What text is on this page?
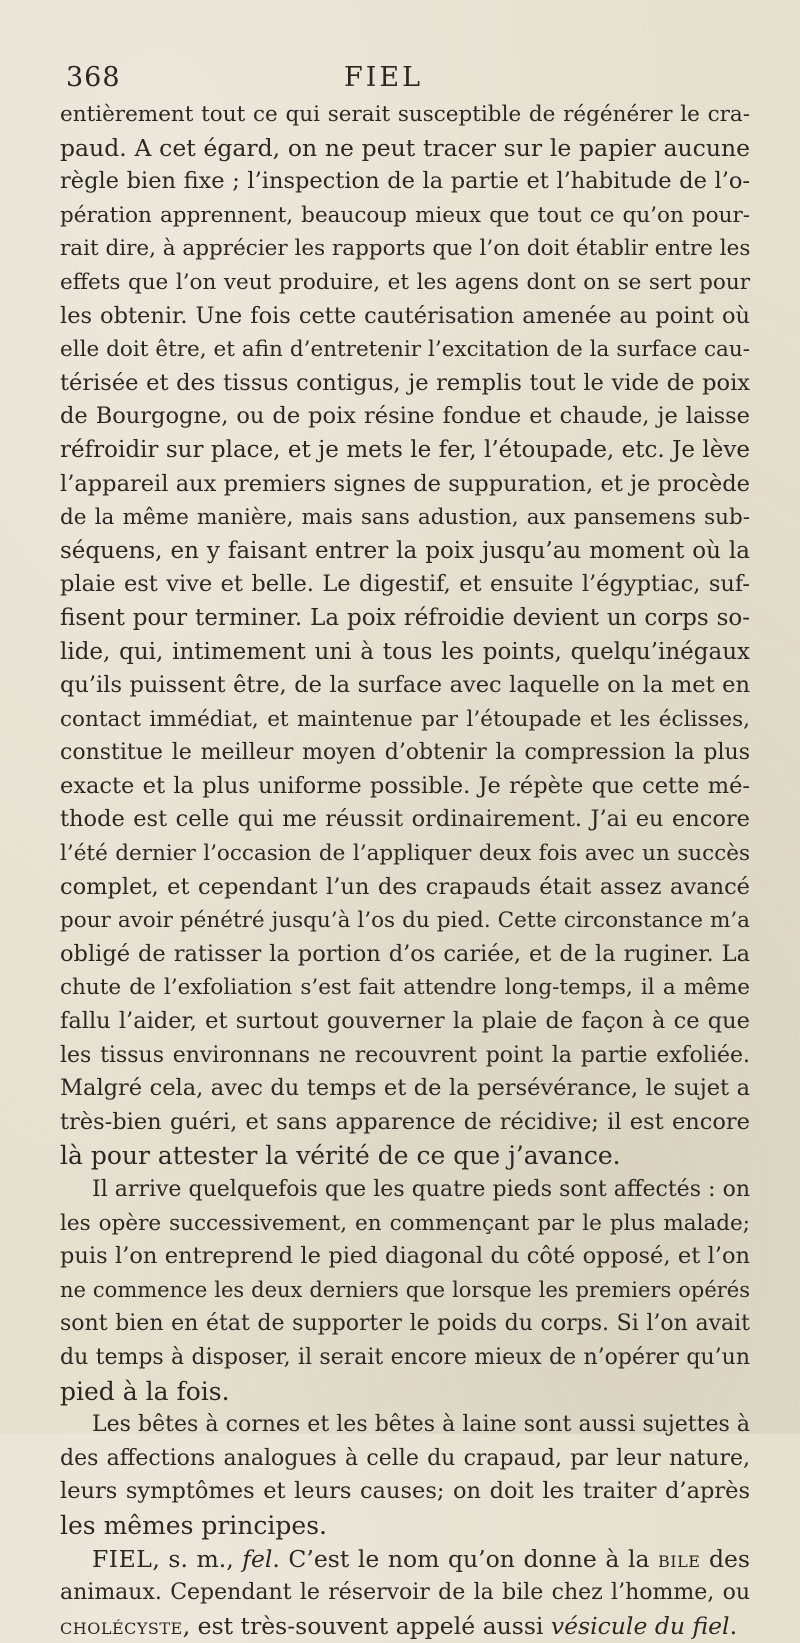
368	FIEL
entièrement tout ce qui serait susceptible de régénérer le cra-
paud. A cet égard, on ne peut tracer sur le papier aucune
règle bien fixe ; l’inspection de la partie et l’habitude de l’o-
pération apprennent, beaucoup mieux que tout ce qu’on pour-
rait dire, à apprécier les rapports que l’on doit établir entre les
effets que l’on veut produire, et les agens dont on se sert pour
les obtenir. Une fois cette cautérisation amenée au point où
elle doit être, et afin d’entretenir l’excitation de la surface cau-
térisée et des tissus contigus, je remplis tout le vide de poix
de Bourgogne, ou de poix résine fondue et chaude, je laisse
réfroidir sur place, et je mets le fer, l’étoupade, etc. Je lève
l’appareil aux premiers signes de suppuration, et je procède
de la même manière, mais sans adustion, aux pansemens sub-
séquens, en y faisant entrer la poix jusqu’au moment où la
plaie est vive et belle. Le digestif, et ensuite l’égyptiac, suf-
fisent pour terminer. La poix réfroidie devient un corps so-
lide, qui, intimement uni à tous les points, quelqu’inégaux
qu’ils puissent être, de la surface avec laquelle on la met en
contact immédiat, et maintenue par l’étoupade et les éclisses,
constitue le meilleur moyen d’obtenir la compression la plus
exacte et la plus uniforme possible. Je répète que cette mé-
thode est celle qui me réussit ordinairement. J’ai eu encore
l’été dernier l’occasion de l’appliquer deux fois avec un succès
complet, et cependant l’un des crapauds était assez avancé
pour avoir pénétré jusqu’à l’os du pied. Cette circonstance m’a
obligé de ratisser la portion d’os cariée, et de la ruginer. La
chute de l’exfoliation s’est fait attendre long-temps, il a même
fallu l’aider, et surtout gouverner la plaie de façon à ce que
les tissus environnans ne recouvrent point la partie exfoliée.
Malgré cela, avec du temps et de la persévérance, le sujet a
très-bien guéri, et sans apparence de récidive; il est encore
là pour attester la vérité de ce que j’avance.
Il arrive quelquefois que les quatre pieds sont affectés : on
les opère successivement, en commençant par le plus malade;
puis l’on entreprend le pied diagonal du côté opposé, et l’on
ne commence les deux derniers que lorsque les premiers opérés
sont bien en état de supporter le poids du corps. Si l’on avait
du temps à disposer, il serait encore mieux de n’opérer qu’un
pied à la fois.
Les bêtes à cornes et les bêtes à laine sont aussi sujettes à
des affections analogues à celle du crapaud, par leur nature,
leurs symptômes et leurs causes; on doit les traiter d’après
les mêmes principes.
FIEL, s. m., fel. C’est le nom qu’on donne à la bile des
animaux. Cependant le réservoir de la bile chez l’homme, ou
cholécyste, est très-souvent appelé aussi vésicule du fiel.
